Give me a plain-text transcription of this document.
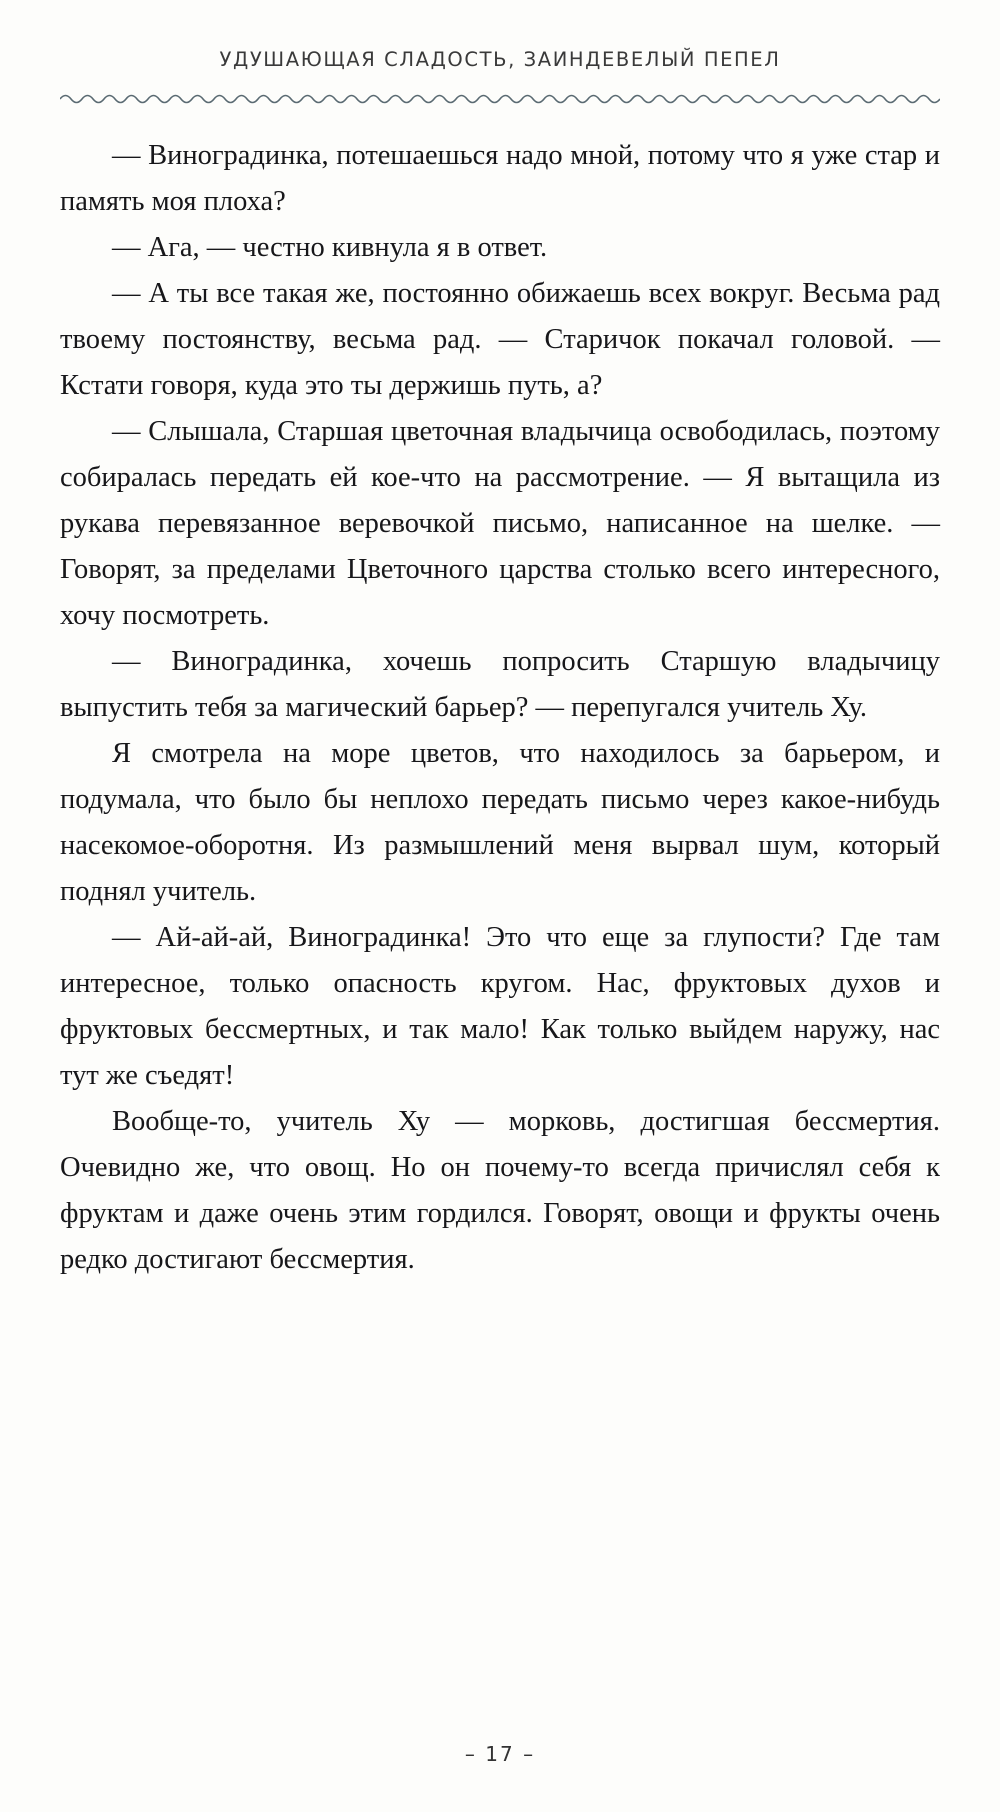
УДУШАЮЩАЯ СЛАДОСТЬ, ЗАИНДЕВЕЛЫЙ ПЕПЕЛ

— Виноградинка, потешаешься надо мной, потому что я уже стар и память моя плоха?

— Ага, — честно кивнула я в ответ.

— А ты все такая же, постоянно обижаешь всех вокруг. Весьма рад твоему постоянству, весьма рад. — Старичок покачал головой. — Кстати говоря, куда это ты держишь путь, а?

— Слышала, Старшая цветочная владычица освободилась, поэтому собиралась передать ей кое-что на рассмотрение. — Я вытащила из рукава перевязанное веревочкой письмо, написанное на шелке. — Говорят, за пределами Цветочного царства столько всего интересного, хочу посмотреть.

— Виноградинка, хочешь попросить Старшую владычицу выпустить тебя за магический барьер? — перепугался учитель Ху.

Я смотрела на море цветов, что находилось за барьером, и подумала, что было бы неплохо передать письмо через какое-нибудь насекомое-оборотня. Из размышлений меня вырвал шум, который поднял учитель.

— Ай-ай-ай, Виноградинка! Это что еще за глупости? Где там интересное, только опасность кругом. Нас, фруктовых духов и фруктовых бессмертных, и так мало! Как только выйдем наружу, нас тут же съедят!

Вообще-то, учитель Ху — морковь, достигшая бессмертия. Очевидно же, что овощ. Но он почему-то всегда причислял себя к фруктам и даже очень этим гордился. Говорят, овощи и фрукты очень редко достигают бессмертия.

– 17 –
